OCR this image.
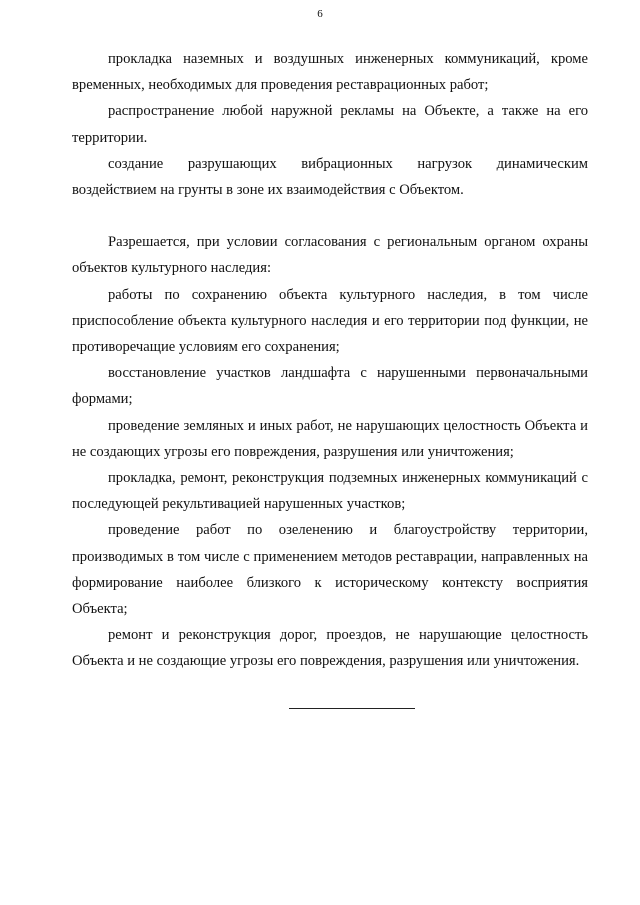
6

прокладка наземных и воздушных инженерных коммуникаций, кроме временных, необходимых для проведения реставрационных работ;

распространение любой наружной рекламы на Объекте, а также на его территории.

создание разрушающих вибрационных нагрузок динамическим воздействием на грунты в зоне их взаимодействия с Объектом.

Разрешается, при условии согласования с региональным органом охраны объектов культурного наследия:

работы по сохранению объекта культурного наследия, в том числе приспособление объекта культурного наследия и его территории под функции, не противоречащие условиям его сохранения;

восстановление участков ландшафта с нарушенными первоначальными формами;

проведение земляных и иных работ, не нарушающих целостность Объекта и не создающих угрозы его повреждения, разрушения или уничтожения;

прокладка, ремонт, реконструкция подземных инженерных коммуникаций с последующей рекультивацией нарушенных участков;

проведение работ по озеленению и благоустройству территории, производимых в том числе с применением методов реставрации, направленных на формирование наиболее близкого к историческому контексту восприятия Объекта;

ремонт и реконструкция дорог, проездов, не нарушающие целостность Объекта и не создающие угрозы его повреждения, разрушения или уничтожения.
